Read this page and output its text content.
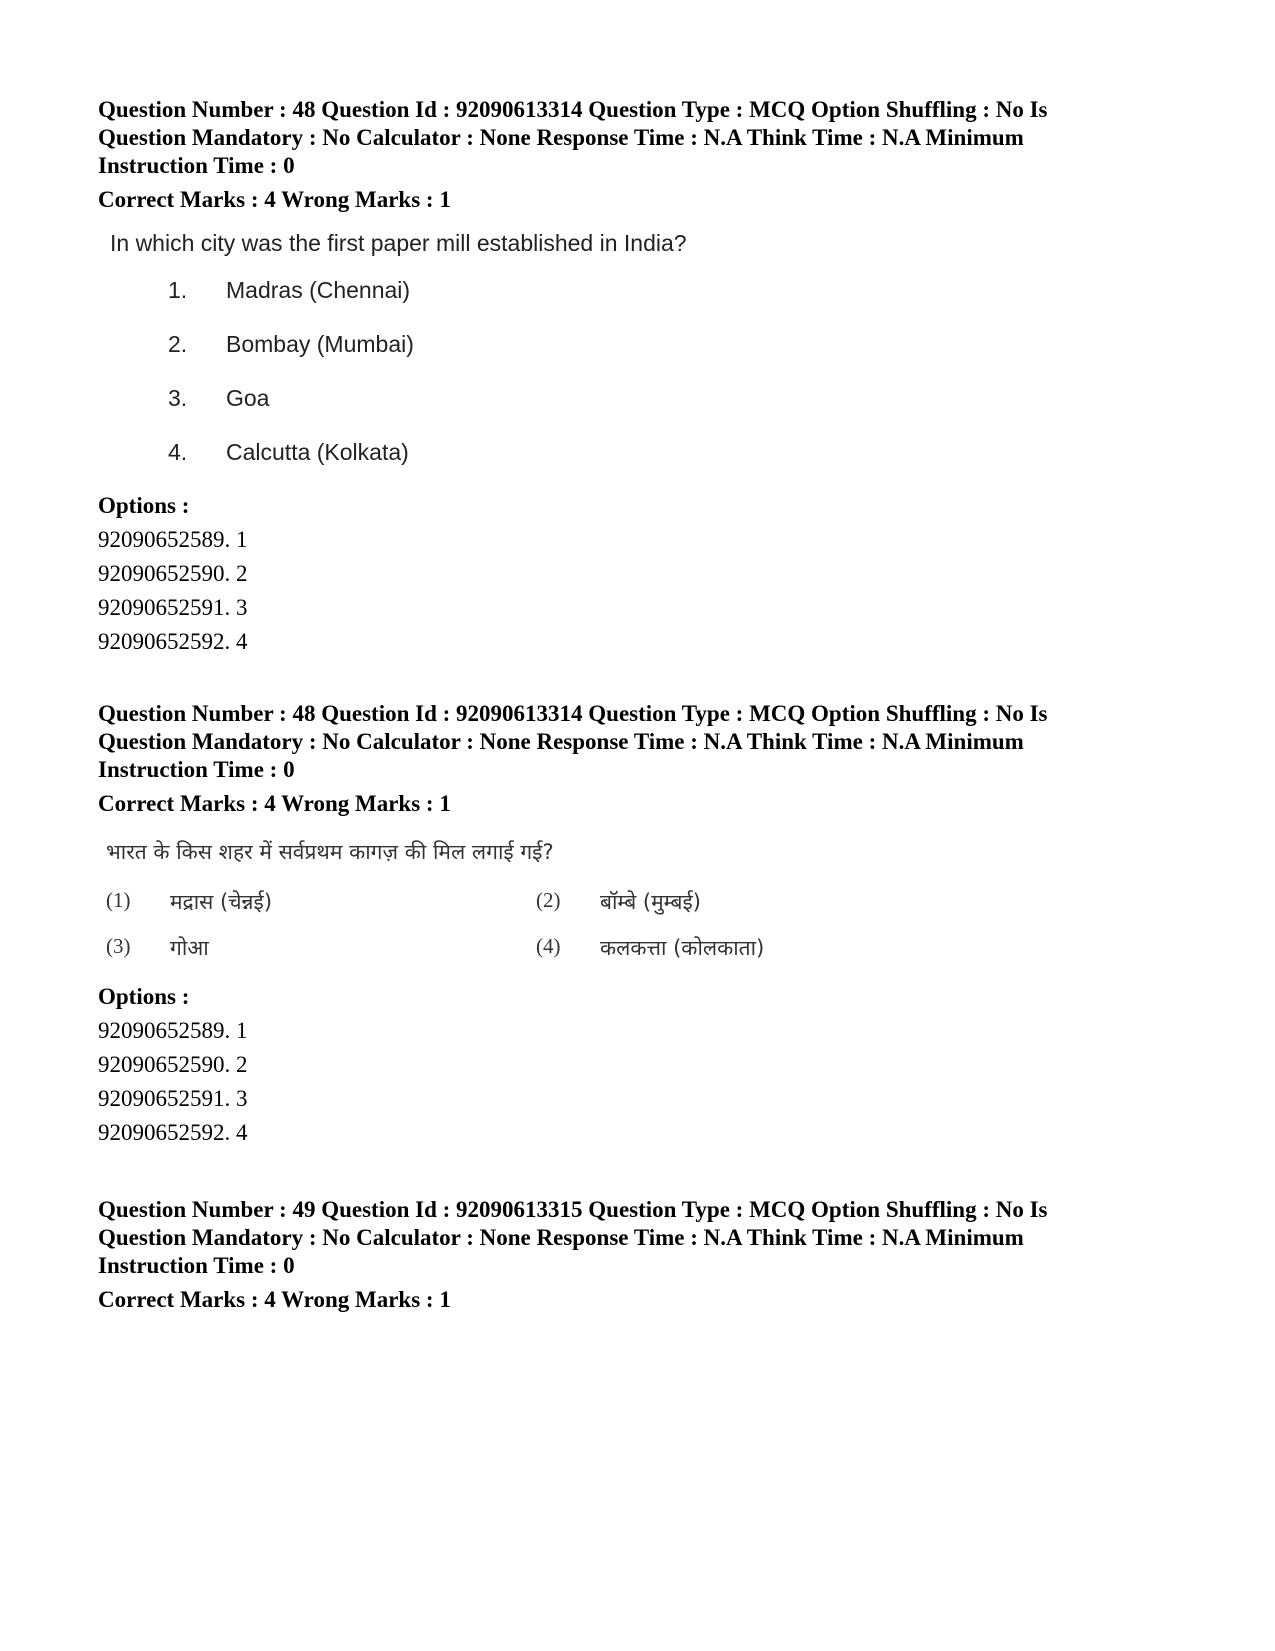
Question Number : 48 Question Id : 92090613314 Question Type : MCQ Option Shuffling : No Is

Question Mandatory : No Calculator : None Response Time : N.A Think Time : N.A Minimum

Instruction Time : 0

Correct Marks : 4 Wrong Marks : 1

In which city was the first paper mill established in India?

1.	Madras (Chennai)
2.	Bombay (Mumbai)
3.	Goa
4.	Calcutta (Kolkata)

Options :

92090652589. 1
92090652590. 2
92090652591. 3
92090652592. 4

Question Number : 48 Question Id : 92090613314 Question Type : MCQ Option Shuffling : No Is

Question Mandatory : No Calculator : None Response Time : N.A Think Time : N.A Minimum

Instruction Time : 0

Correct Marks : 4 Wrong Marks : 1

भारत के किस शहर में सर्वप्रथम कागज़ की मिल लगाई गई?

(1)	मद्रास (चेन्नई)	(2)	बॉम्बे (मुम्बई)
(3)	गोआ	(4)	कलकत्ता (कोलकाता)

Options :

92090652589. 1
92090652590. 2
92090652591. 3
92090652592. 4

Question Number : 49 Question Id : 92090613315 Question Type : MCQ Option Shuffling : No Is

Question Mandatory : No Calculator : None Response Time : N.A Think Time : N.A Minimum

Instruction Time : 0

Correct Marks : 4 Wrong Marks : 1
